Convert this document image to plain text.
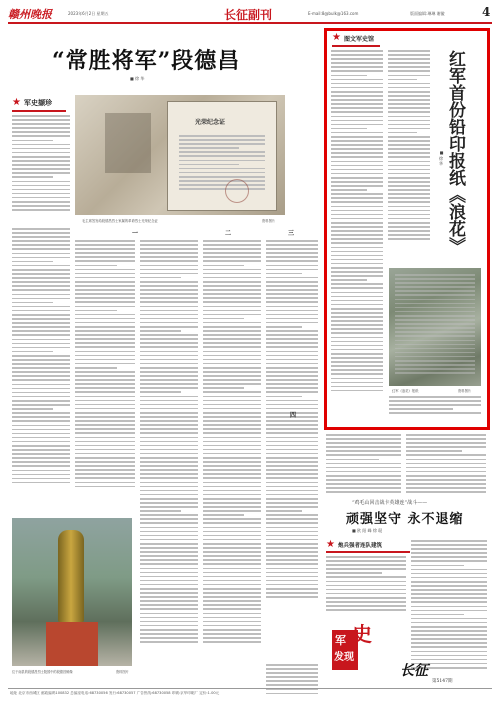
赣州晚报	2023年6月2日 星期五	长征副刊	E-mail:8@bulk@163.com	版面编辑:琳琳 谢徽	4
“常胜将军”段德昌
■ 徐 华
★ 军史撷珍
光荣纪念证
毛主席签发给段德昌烈士家属的革命烈士光荣纪念证	资料图片
一	二	三
四
位于南县的段德昌烈士陵园中的段德昌铜像	资料图片
★ 图文军史馆
红军首份铅印报纸《浪花》
■ 徐 华
红军《浪花》报纸	资料图片
“鸡毛山回击战卡英雄连”战斗——
顽强坚守 永不退缩
■ 欧 阳 峰 徐 琨
★ 炮兵强者连队建筑
史
军
发现
长征
第5147期
地址 北京市西城区 邮政编码100832 总编室电话:68730056 发行:68730057 广告热线:68730058 印刷:京华印刷厂 定价:1.00元
